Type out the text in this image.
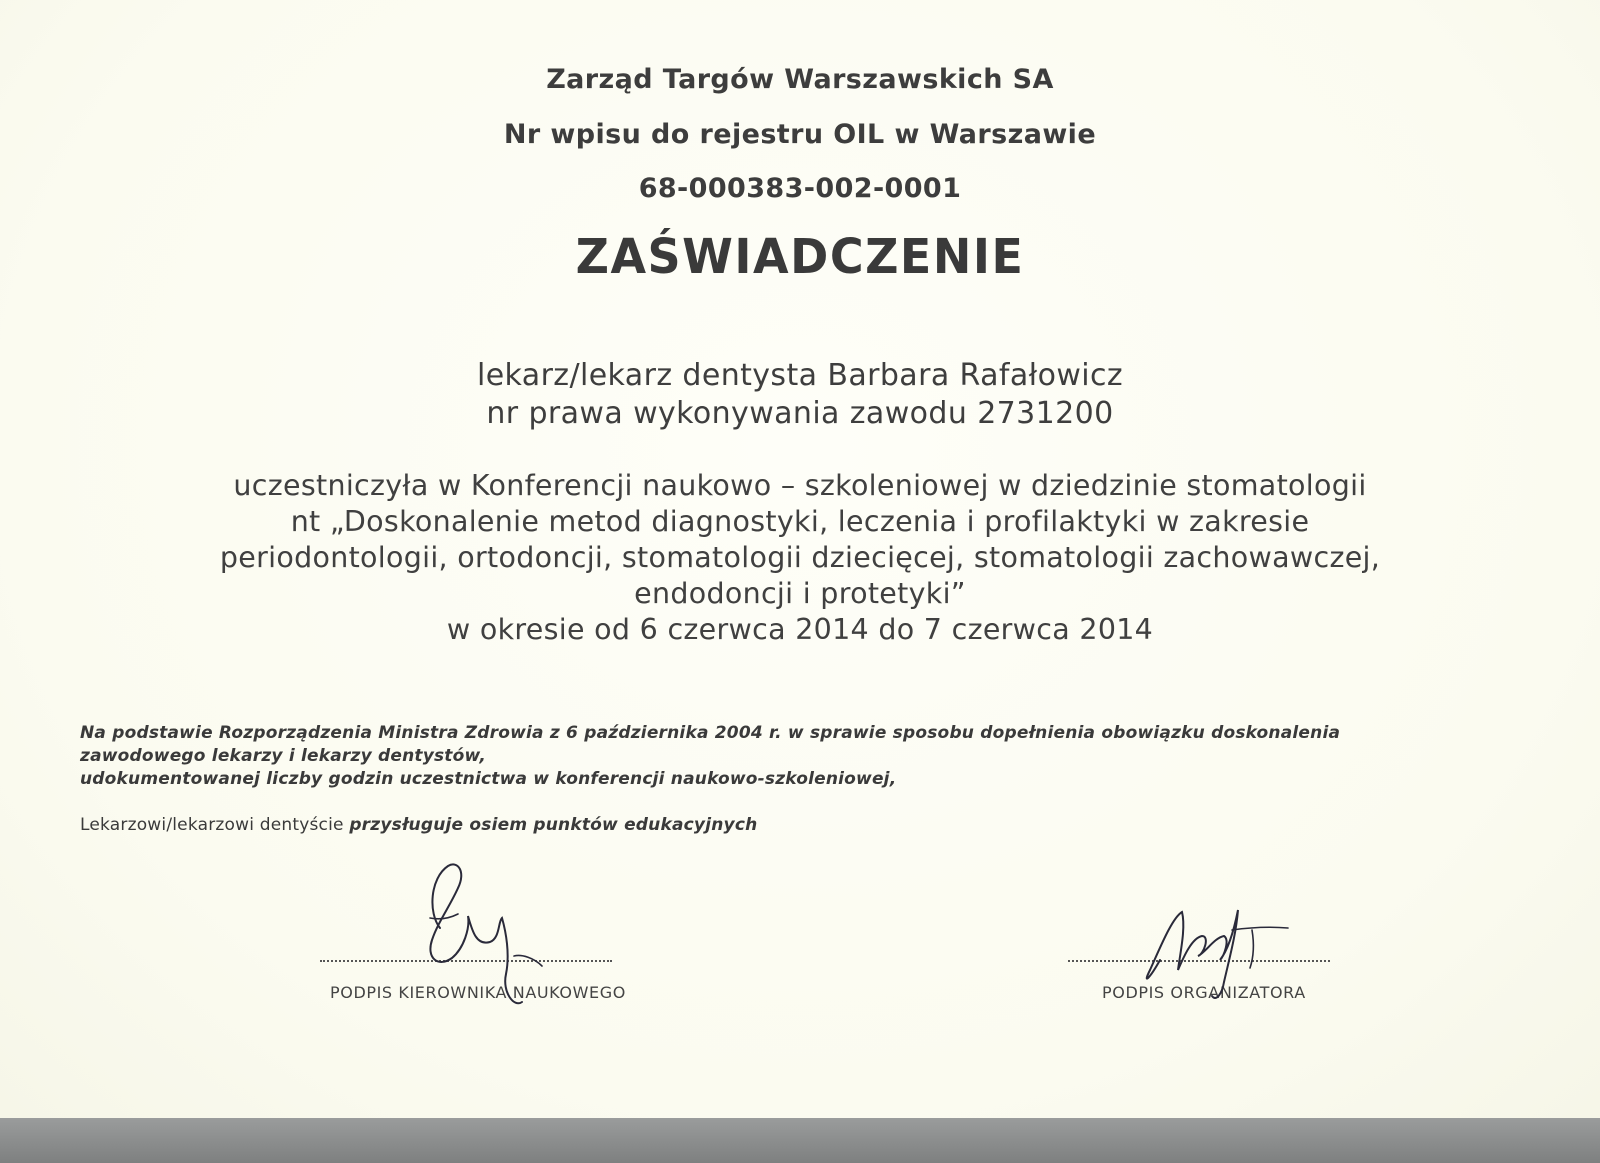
Zarząd Targów Warszawskich SA
Nr wpisu do rejestru OIL w Warszawie
68-000383-002-0001
ZAŚWIADCZENIE
lekarz/lekarz dentysta Barbara Rafałowicz
nr prawa wykonywania zawodu 2731200
uczestniczyła w Konferencji naukowo – szkoleniowej w dziedzinie stomatologii
nt „Doskonalenie metod diagnostyki, leczenia i profilaktyki w zakresie
periodontologii, ortodoncji, stomatologii dziecięcej, stomatologii zachowawczej,
endodoncji i protetyki”
w okresie od 6 czerwca 2014 do 7 czerwca 2014
Na podstawie Rozporządzenia Ministra Zdrowia z 6 października 2004 r. w sprawie sposobu dopełnienia obowiązku doskonalenia
zawodowego lekarzy i lekarzy dentystów,
udokumentowanej liczby godzin uczestnictwa w konferencji naukowo-szkoleniowej,
Lekarzowi/lekarzowi dentyście przysługuje osiem punktów edukacyjnych
PODPIS KIEROWNIKA NAUKOWEGO	PODPIS ORGANIZATORA
